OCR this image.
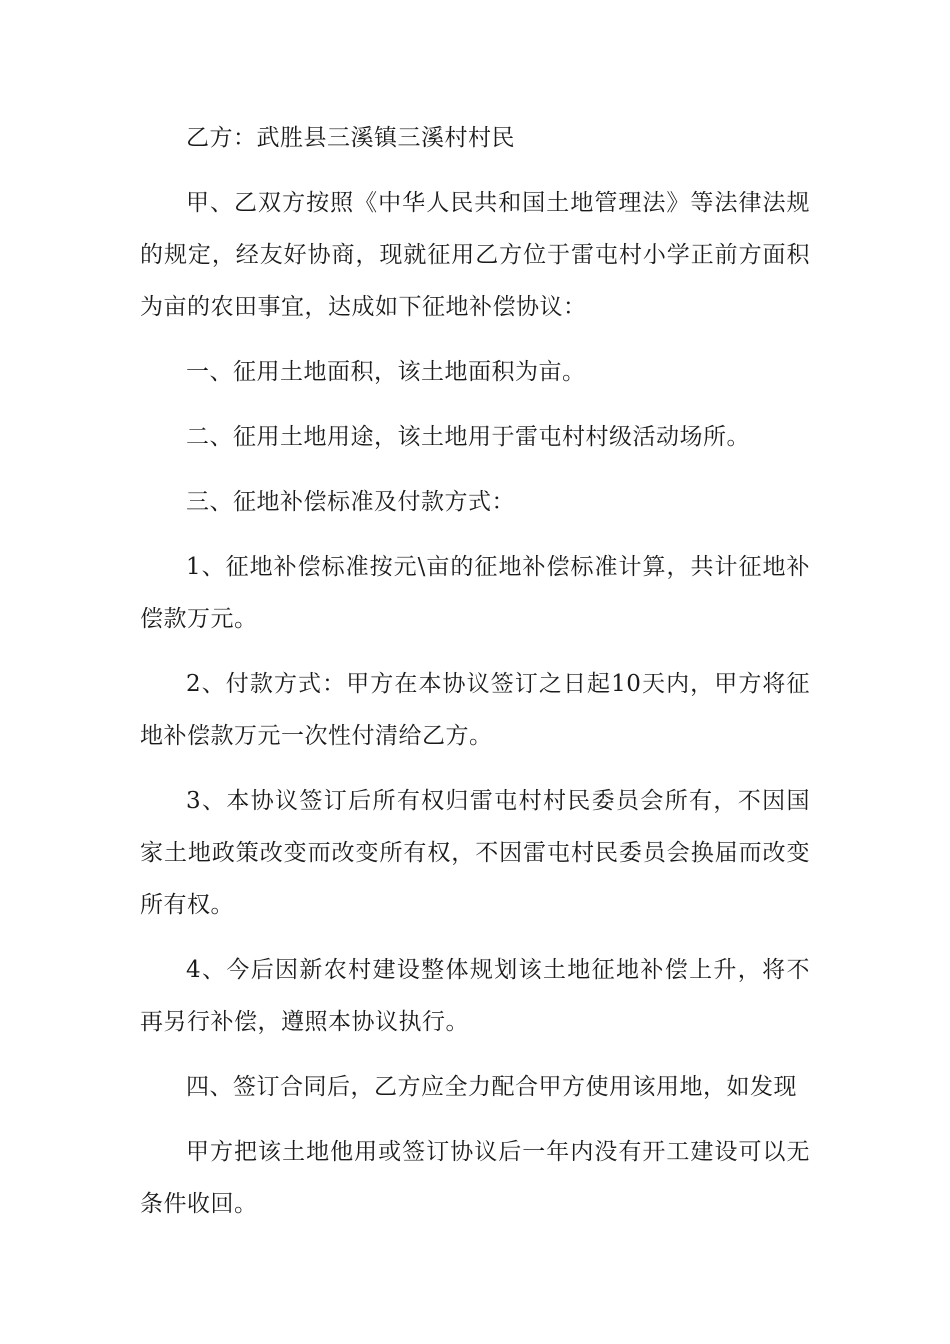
乙方：武胜县三溪镇三溪村村民

甲、乙双方按照《中华人民共和国土地管理法》等法律法规的规定，经友好协商，现就征用乙方位于雷屯村小学正前方面积为亩的农田事宜，达成如下征地补偿协议：

一、征用土地面积，该土地面积为亩。

二、征用土地用途，该土地用于雷屯村村级活动场所。

三、征地补偿标准及付款方式：

1、征地补偿标准按元\亩的征地补偿标准计算，共计征地补偿款万元。

2、付款方式：甲方在本协议签订之日起10天内，甲方将征地补偿款万元一次性付清给乙方。

3、本协议签订后所有权归雷屯村村民委员会所有，不因国家土地政策改变而改变所有权，不因雷屯村民委员会换届而改变所有权。

4、今后因新农村建设整体规划该土地征地补偿上升，将不再另行补偿，遵照本协议执行。

四、签订合同后，乙方应全力配合甲方使用该用地，如发现

甲方把该土地他用或签订协议后一年内没有开工建设可以无条件收回。
